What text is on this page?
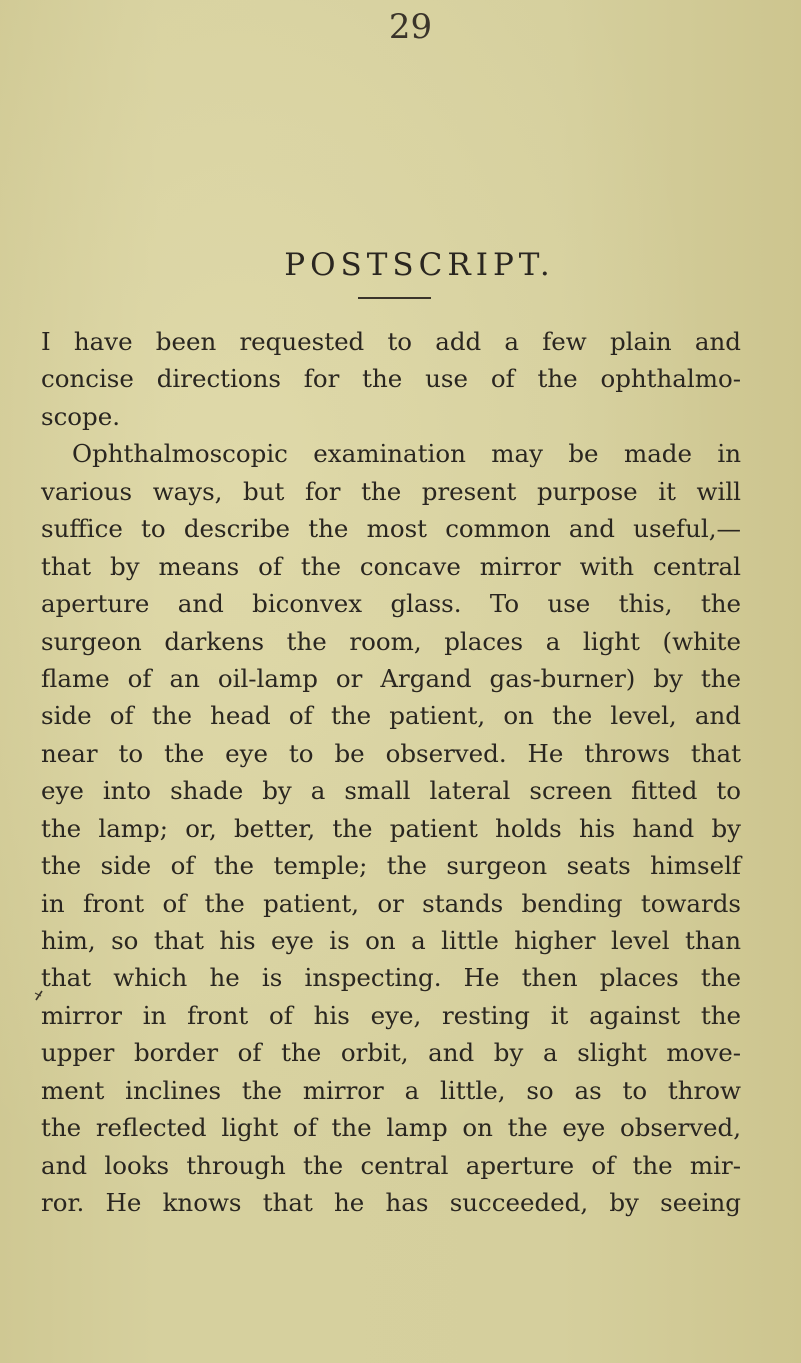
29
POSTSCRIPT.
I have been requested to add a few plain and
concise directions for the use of the ophthalmo-
scope.
Ophthalmoscopic examination may be made in
various ways, but for the present purpose it will
suffice to describe the most common and useful,—
that by means of the concave mirror with central
aperture and biconvex glass. To use this, the
surgeon darkens the room, places a light (white
flame of an oil-lamp or Argand gas-burner) by the
side of the head of the patient, on the level, and
near to the eye to be observed. He throws that
eye into shade by a small lateral screen fitted to
the lamp; or, better, the patient holds his hand by
the side of the temple; the surgeon seats himself
in front of the patient, or stands bending towards
him, so that his eye is on a little higher level than
that which he is inspecting. He then places the
mirror in front of his eye, resting it against the
upper border of the orbit, and by a slight move-
ment inclines the mirror a little, so as to throw
the reflected light of the lamp on the eye observed,
and looks through the central aperture of the mir-
ror. He knows that he has succeeded, by seeing
